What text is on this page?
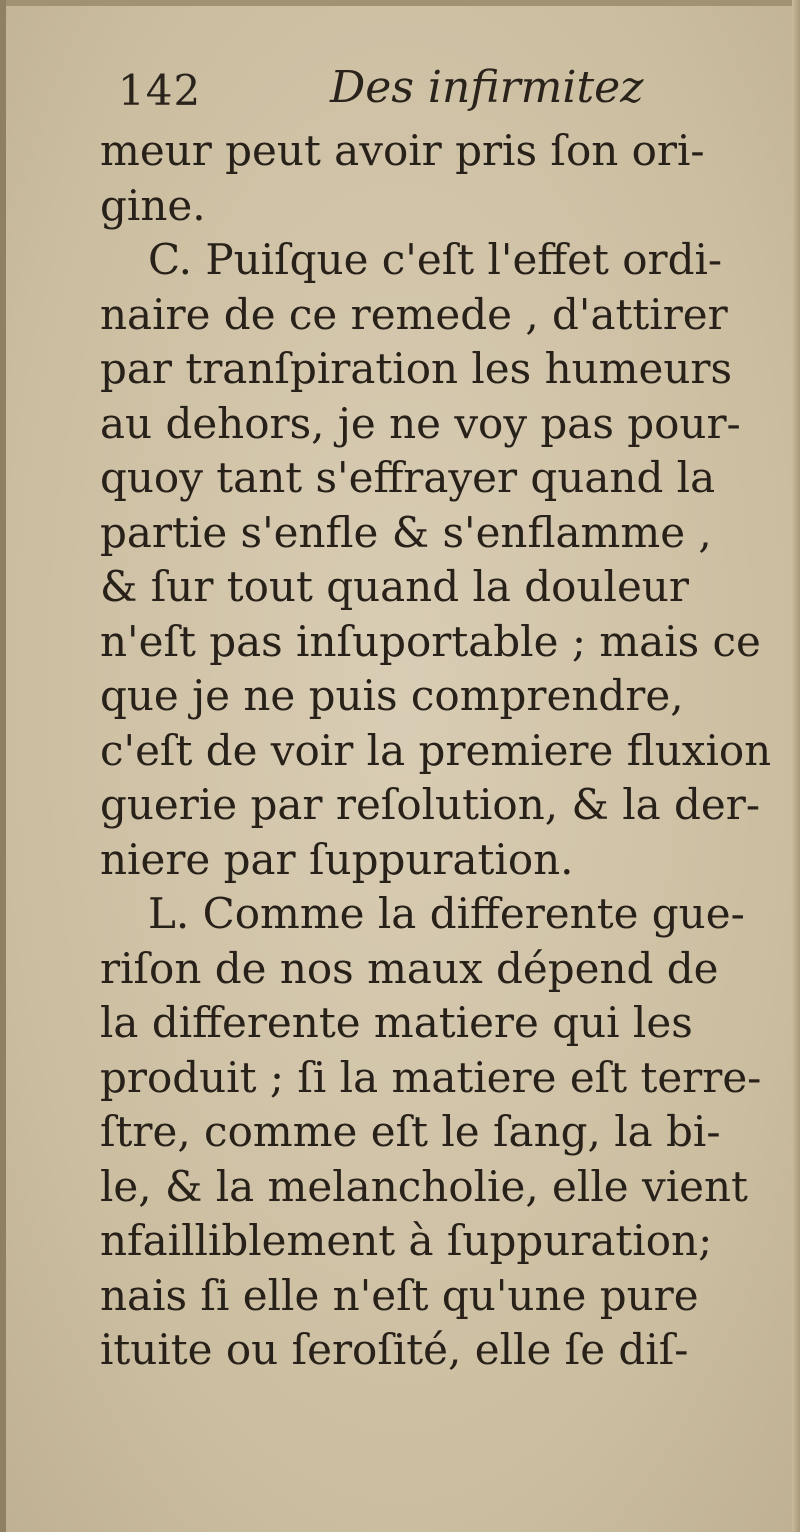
142	Des infirmitez
meur peut avoir pris ſon ori-
gine.
C. Puiſque c'eſt l'effet ordi-
naire de ce remede , d'attirer
par tranſpiration les humeurs
au dehors, je ne voy pas pour-
quoy tant s'effrayer quand la
partie s'enfle & s'enflamme ,
& ſur tout quand la douleur
n'eſt pas inſuportable ; mais ce
que je ne puis comprendre,
c'eſt de voir la premiere fluxion
guerie par reſolution, & la der-
niere par ſuppuration.
L. Comme la differente gue-
riſon de nos maux dépend de
la differente matiere qui les
produit ; ſi la matiere eſt terre-
ſtre, comme eſt le ſang, la bi-
le, & la melancholie, elle vient
nfailliblement à ſuppuration;
nais ſi elle n'eſt qu'une pure
ituite ou ſeroſité, elle ſe diſ-
